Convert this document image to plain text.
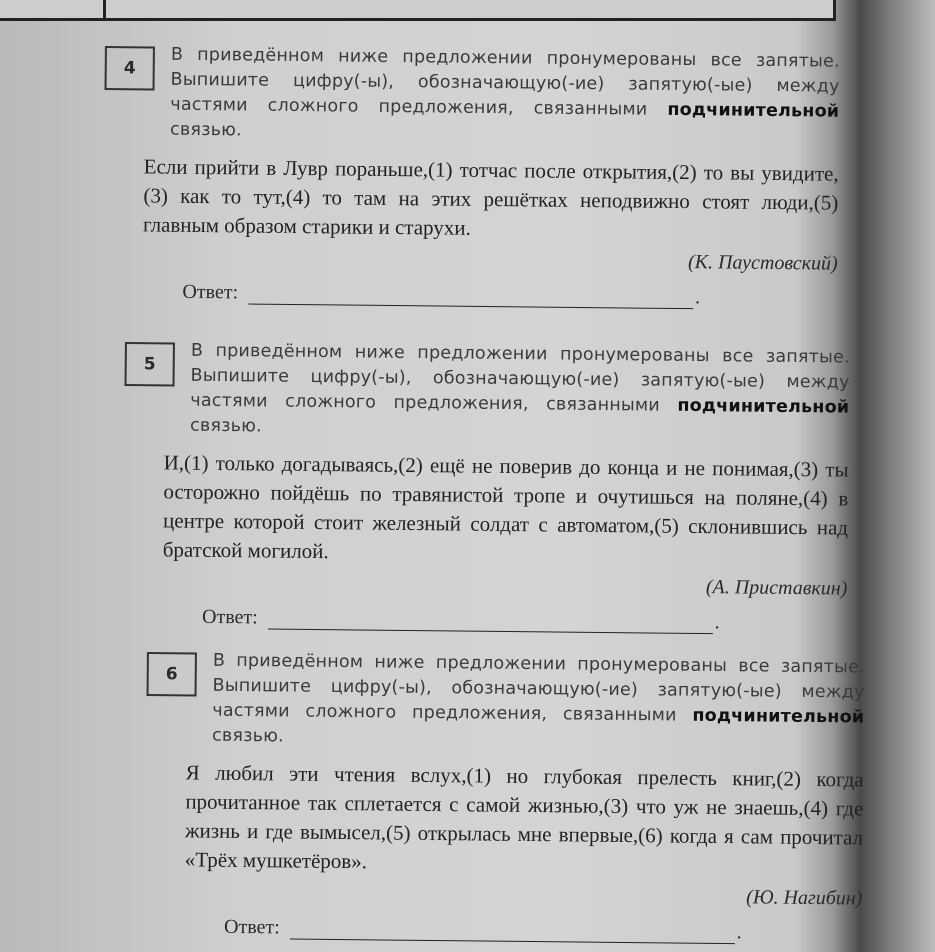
4	В приведённом ниже предложении пронумерованы все запятые. Выпишите цифру(-ы), обозначающую(-ие) запятую(-ые) между частями сложного предложения, связанными подчинительной связью.
Если прийти в Лувр пораньше,(1) тотчас после открытия,(2) то вы увидите,(3) как то тут,(4) то там на этих решётках неподвижно стоят люди,(5) главным образом старики и старухи.
(К. Паустовский)
Ответ:	.
5	В приведённом ниже предложении пронумерованы все запятые. Выпишите цифру(-ы), обозначающую(-ие) запятую(-ые) между частями сложного предложения, связанными подчинительной связью.
И,(1) только догадываясь,(2) ещё не поверив до конца и не понимая,(3) ты осторожно пойдёшь по травянистой тропе и очутишься на поляне,(4) в центре которой стоит железный солдат с автоматом,(5) склонившись над братской могилой.
(А. Приставкин)
Ответ:	.
6	В приведённом ниже предложении пронумерованы все запятые. Выпишите цифру(-ы), обозначающую(-ие) запятую(-ые) между частями сложного предложения, связанными подчинительной связью.
Я любил эти чтения вслух,(1) но глубокая прелесть книг,(2) когда прочитанное так сплетается с самой жизнью,(3) что уж не знаешь,(4) где жизнь и где вымысел,(5) открылась мне впервые,(6) когда я сам прочитал «Трёх мушкетёров».
(Ю. Нагибин)
Ответ:	.
